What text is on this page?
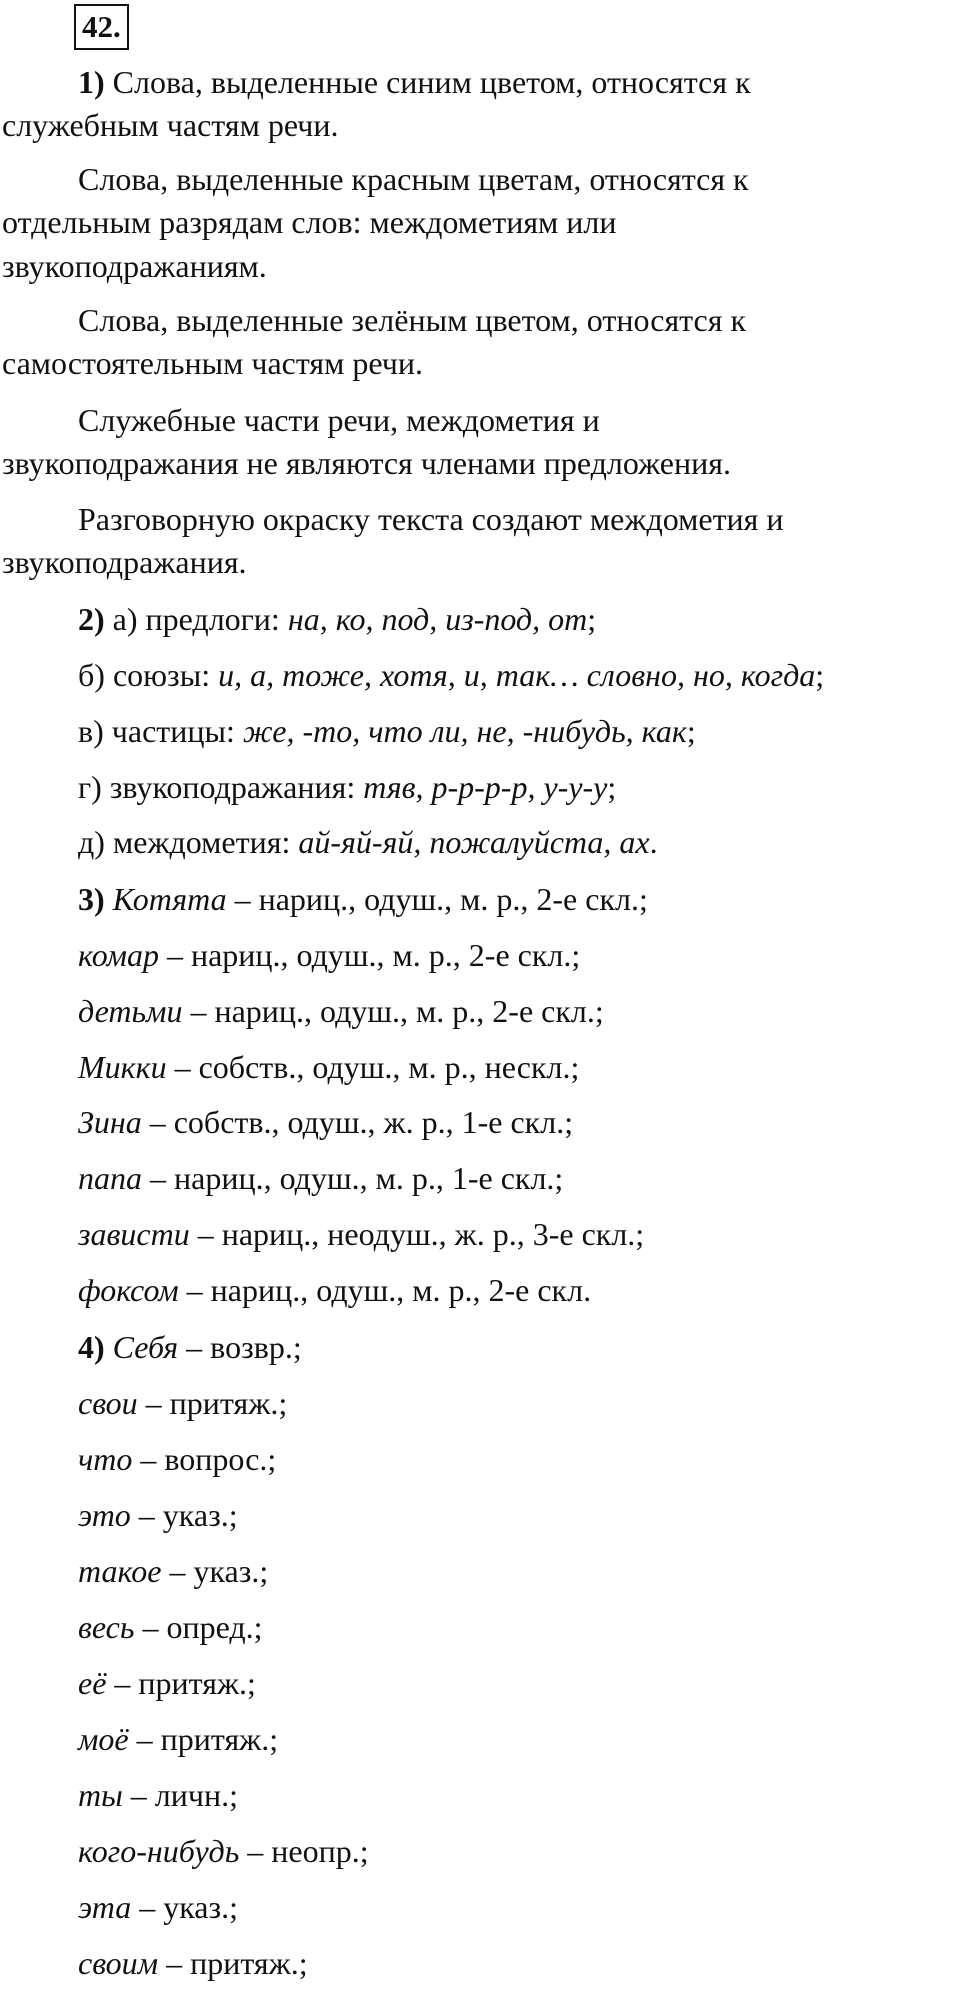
42.
1) Слова, выделенные синим цветом, относятся к
служебным частям речи.
Слова, выделенные красным цветам, относятся к
отдельным разрядам слов: междометиям или
звукоподражаниям.
Слова, выделенные зелёным цветом, относятся к
самостоятельным частям речи.
Служебные части речи, междометия и
звукоподражания не являются членами предложения.
Разговорную окраску текста создают междометия и
звукоподражания.
2) а) предлоги: на, ко, под, из-под, от;
б) союзы: и, а, тоже, хотя, и, так… словно, но, когда;
в) частицы: же, -то, что ли, не, -нибудь, как;
г) звукоподражания: тяв, р-р-р-р, у-у-у;
д) междометия: ай-яй-яй, пожалуйста, ах.
3) Котята – нариц., одуш., м. р., 2-е скл.;
комар – нариц., одуш., м. р., 2-е скл.;
детьми – нариц., одуш., м. р., 2-е скл.;
Микки – собств., одуш., м. р., нескл.;
Зина – собств., одуш., ж. р., 1-е скл.;
папа – нариц., одуш., м. р., 1-е скл.;
зависти – нариц., неодуш., ж. р., 3-е скл.;
фоксом – нариц., одуш., м. р., 2-е скл.
4) Себя – возвр.;
свои – притяж.;
что – вопрос.;
это – указ.;
такое – указ.;
весь – опред.;
её – притяж.;
моё – притяж.;
ты – личн.;
кого-нибудь – неопр.;
эта – указ.;
своим – притяж.;
